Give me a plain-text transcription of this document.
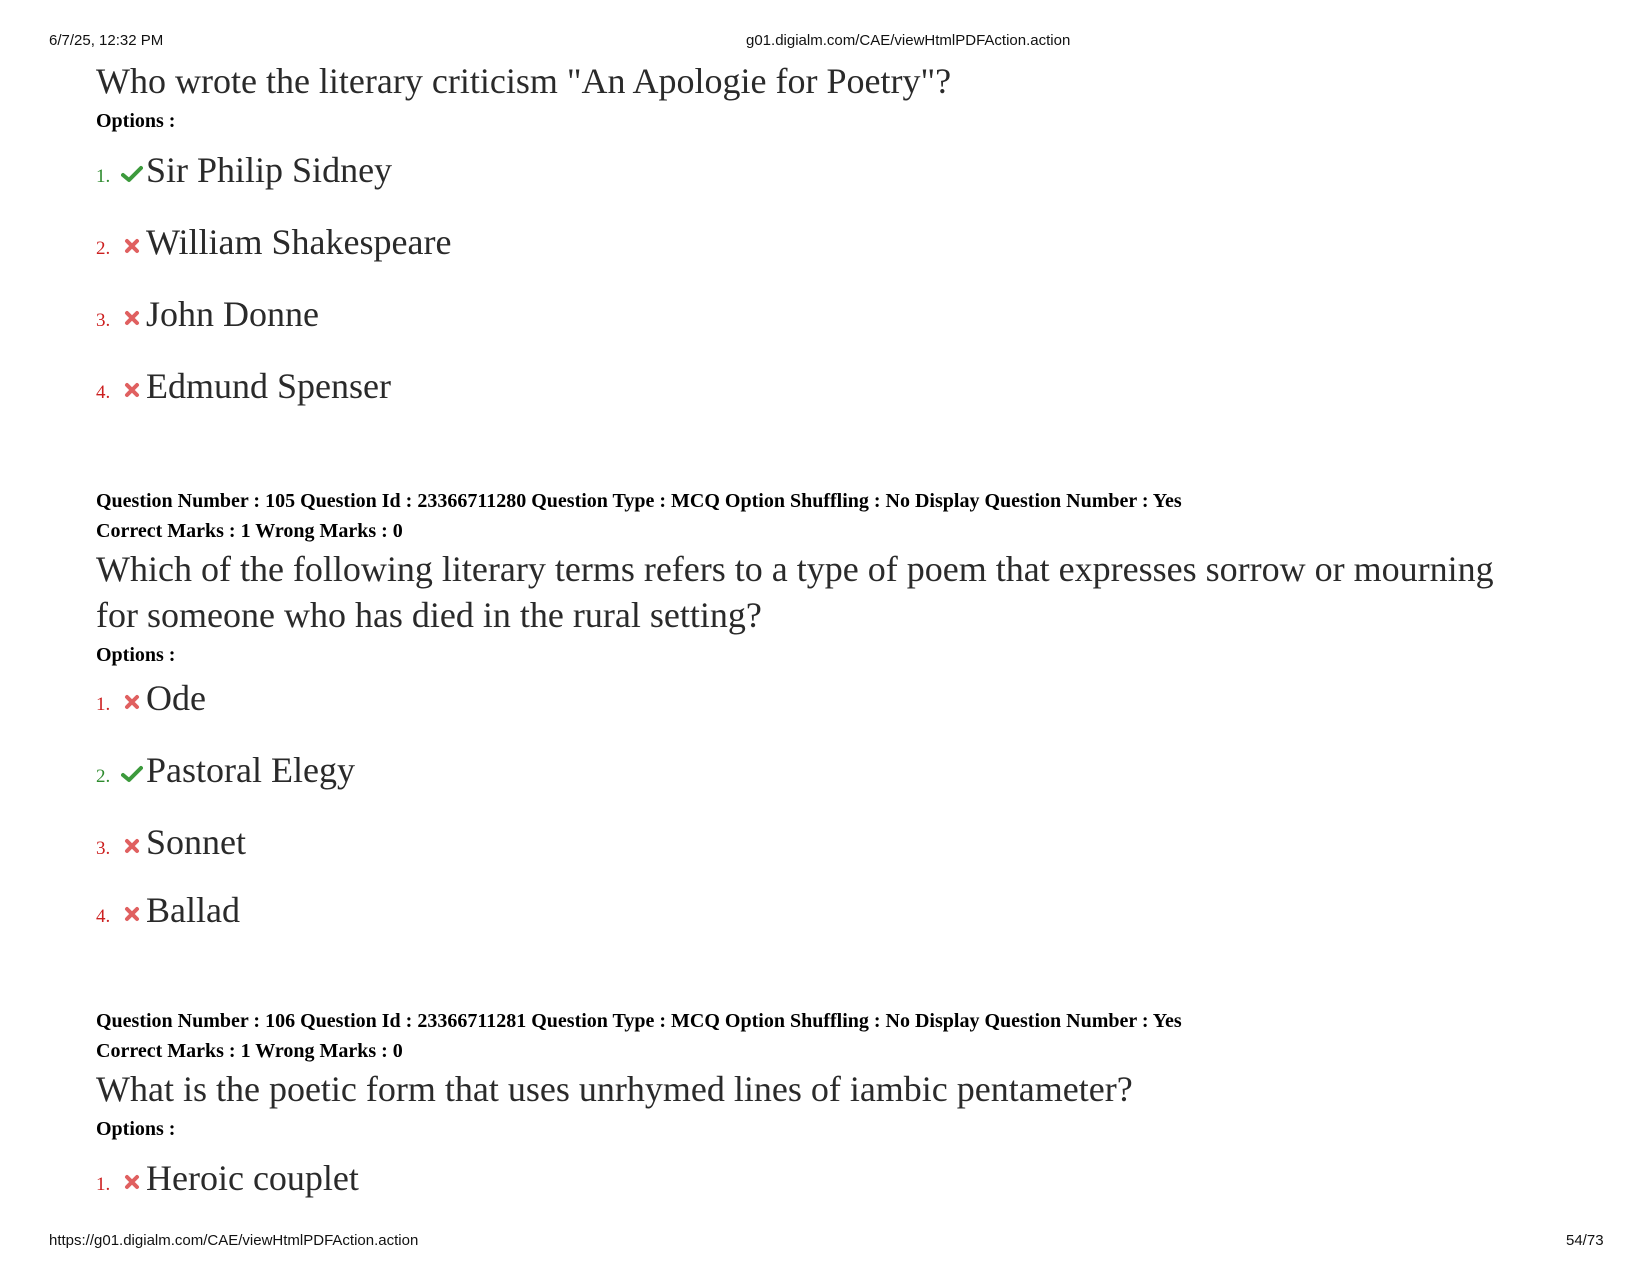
6/7/25, 12:32 PM	g01.digialm.com/CAE/viewHtmlPDFAction.action

Who wrote the literary criticism "An Apologie for Poetry"?

Options :

1. Sir Philip Sidney
2. William Shakespeare
3. John Donne
4. Edmund Spenser

Question Number : 105 Question Id : 23366711280 Question Type : MCQ Option Shuffling : No Display Question Number : Yes

Correct Marks : 1 Wrong Marks : 0

Which of the following literary terms refers to a type of poem that expresses sorrow or mourning for someone who has died in the rural setting?

Options :

1. Ode
2. Pastoral Elegy
3. Sonnet
4. Ballad

Question Number : 106 Question Id : 23366711281 Question Type : MCQ Option Shuffling : No Display Question Number : Yes

Correct Marks : 1 Wrong Marks : 0

What is the poetic form that uses unrhymed lines of iambic pentameter?

Options :

1. Heroic couplet
https://g01.digialm.com/CAE/viewHtmlPDFAction.action	54/73
